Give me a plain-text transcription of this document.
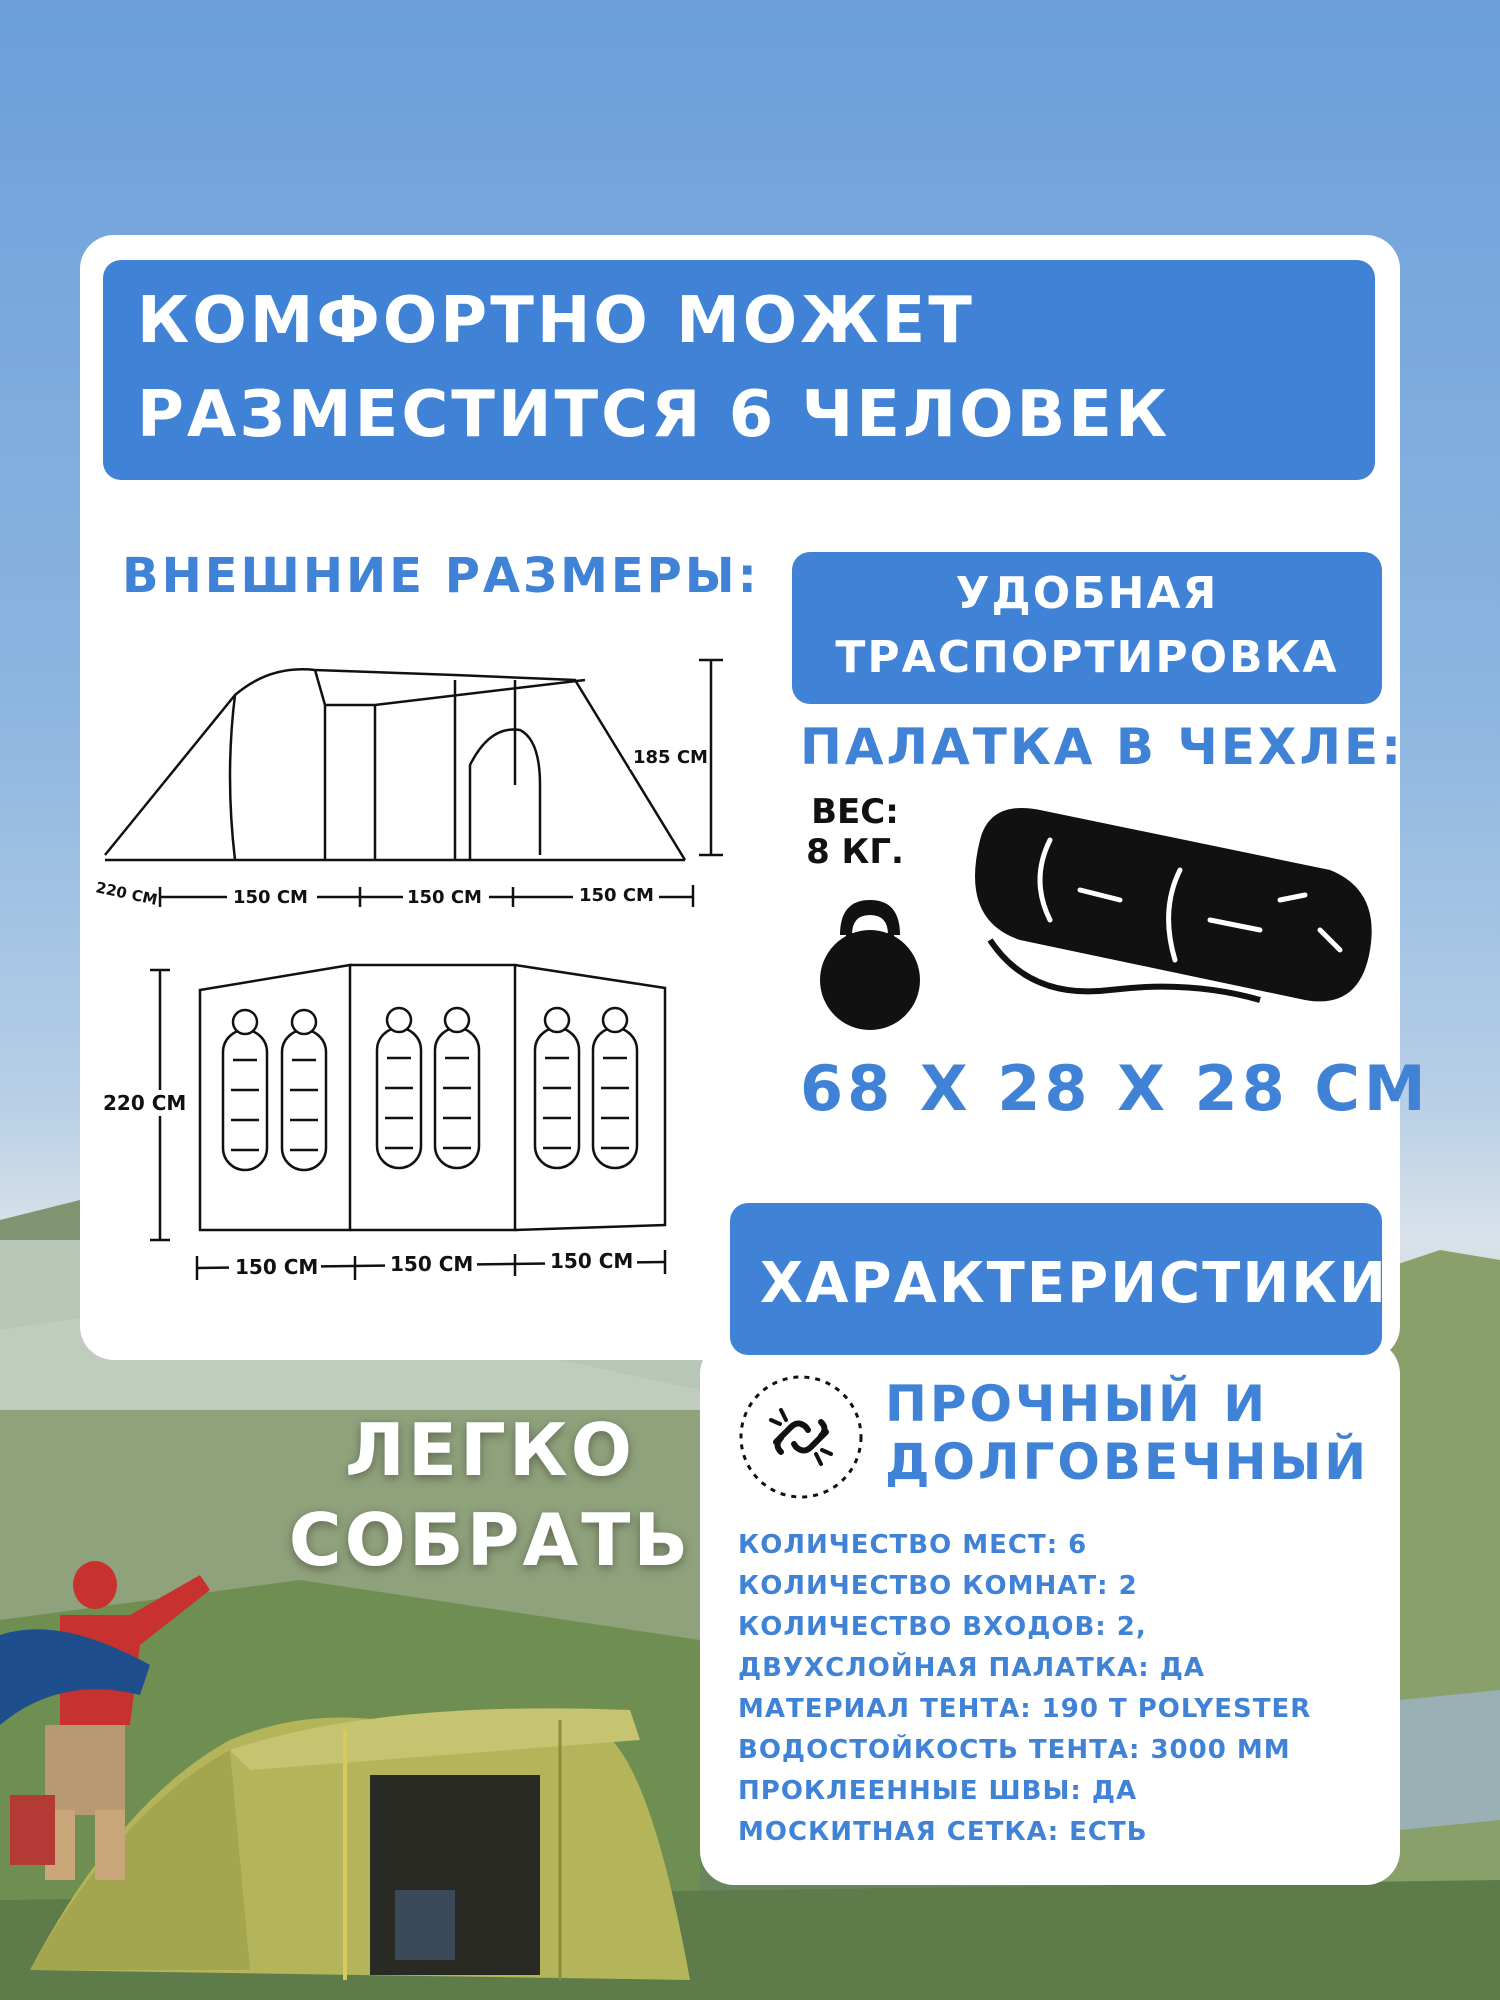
ЛЕГКО
СОБРАТЬ
КОМФОРТНО МОЖЕТ
РАЗМЕСТИТСЯ 6 ЧЕЛОВЕК
ВНЕШНИЕ РАЗМЕРЫ:
185 CM
220 CM	150 CM	150 CM	150 CM
220 CM
150 CM	150 CM	150 CM
УДОБНАЯ
ТРАСПОРТИРОВКА
ПАЛАТКА В ЧЕХЛЕ:
ВЕС:
8 КГ.
68 X 28 X 28 CM
ХАРАКТЕРИСТИКИ
ПРОЧНЫЙ И ДОЛГОВЕЧНЫЙ
КОЛИЧЕСТВО МЕСТ: 6
КОЛИЧЕСТВО КОМНАТ: 2
КОЛИЧЕСТВО ВХОДОВ: 2,
ДВУХСЛОЙНАЯ ПАЛАТКА: ДА
МАТЕРИАЛ ТЕНТА: 190 T POLYESTER
ВОДОСТОЙКОСТЬ ТЕНТА: 3000 ММ
ПРОКЛЕЕННЫЕ ШВЫ: ДА
МОСКИТНАЯ СЕТКА: ЕСТЬ
